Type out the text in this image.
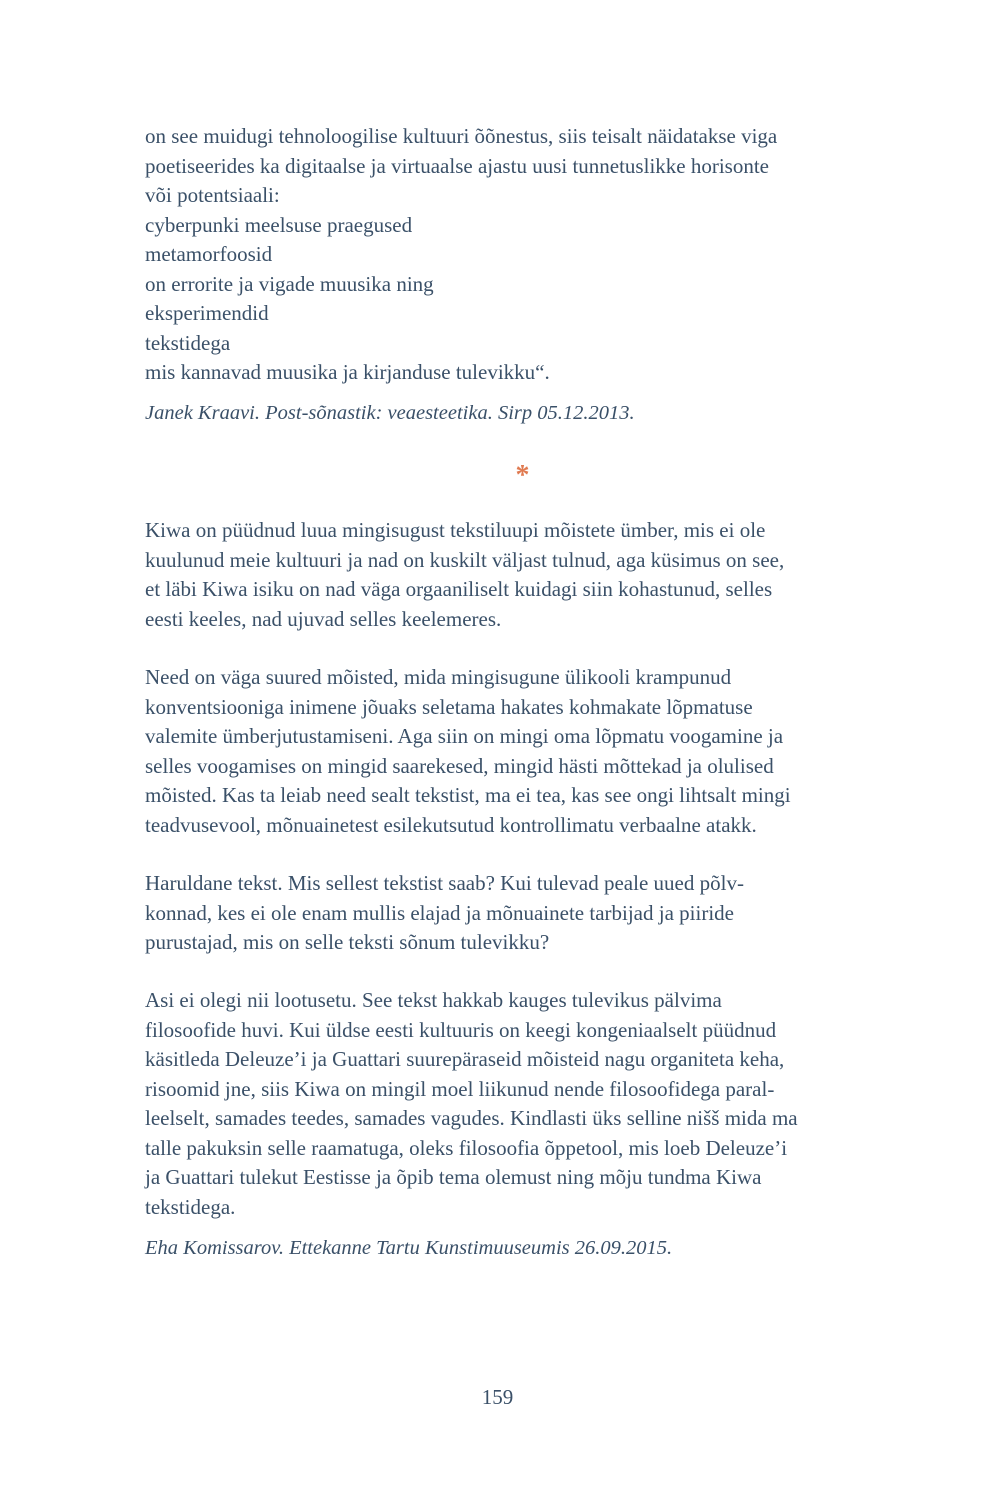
on see muidugi tehnoloogilise kultuuri õõnestus, siis teisalt näidatakse viga
poetiseerides ka digitaalse ja virtuaalse ajastu uusi tunnetuslikke horisonte
või potentsiaali:
cyberpunki meelsuse praegused
metamorfoosid
on errorite ja vigade muusika ning
eksperimendid
tekstidega
mis kannavad muusika ja kirjanduse tulevikku“.
Janek Kraavi. Post-sõnastik: veaesteetika. Sirp 05.12.2013.
*
Kiwa on püüdnud luua mingisugust tekstiluupi mõistete ümber, mis ei ole
kuulunud meie kultuuri ja nad on kuskilt väljast tulnud, aga küsimus on see,
et läbi Kiwa isiku on nad väga orgaaniliselt kuidagi siin kohastunud, selles
eesti keeles, nad ujuvad selles keelemeres.
Need on väga suured mõisted, mida mingisugune ülikooli krampunud
konventsiooniga inimene jõuaks seletama hakates kohmakate lõpmatuse
valemite ümberjutustamiseni. Aga siin on mingi oma lõpmatu voogamine ja
selles voogamises on mingid saarekesed, mingid hästi mõttekad ja olulised
mõisted. Kas ta leiab need sealt tekstist, ma ei tea, kas see ongi lihtsalt mingi
teadvusevool, mõnuainetest esilekutsutud kontrollimatu verbaalne atakk.
Haruldane tekst. Mis sellest tekstist saab? Kui tulevad peale uued põlv-
konnad, kes ei ole enam mullis elajad ja mõnuainete tarbijad ja piiride
purustajad, mis on selle teksti sõnum tulevikku?
Asi ei olegi nii lootusetu. See tekst hakkab kauges tulevikus pälvima
filosoofide huvi. Kui üldse eesti kultuuris on keegi kongeniaalselt püüdnud
käsitleda Deleuze’i ja Guattari suurepäraseid mõisteid nagu organiteta keha,
risoomid jne, siis Kiwa on mingil moel liikunud nende filosoofidega paral-
leelselt, samades teedes, samades vagudes. Kindlasti üks selline nišš mida ma
talle pakuksin selle raamatuga, oleks filosoofia õppetool, mis loeb Deleuze’i
ja Guattari tulekut Eestisse ja õpib tema olemust ning mõju tundma Kiwa
tekstidega.
Eha Komissarov. Ettekanne Tartu Kunstimuuseumis 26.09.2015.
159
